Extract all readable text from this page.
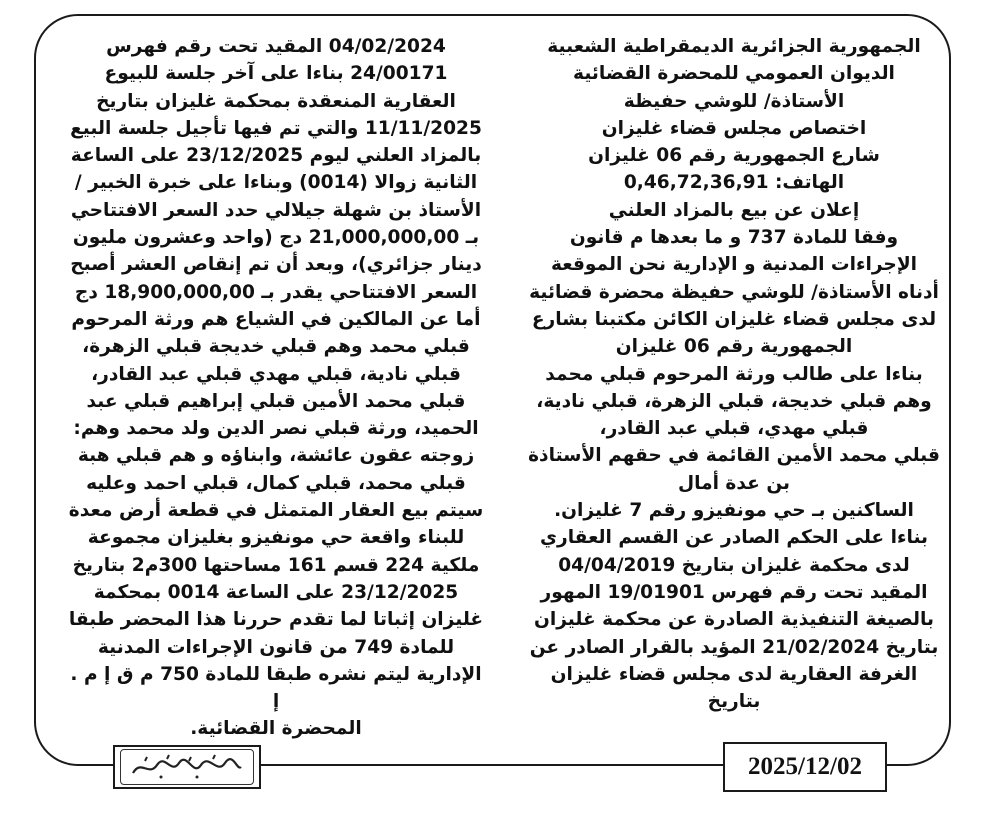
الجمهورية الجزائرية الديمقراطية الشعبية

الديوان العمومي للمحضرة القضائية

الأستاذة/ للوشي حفيظة

اختصاص مجلس قضاء غليزان

شارع الجمهورية رقم 06 غليزان

الهاتف: 0,46,72,36,91

إعلان عن بيع بالمزاد العلني

وفقا للمادة 737 و ما بعدها م قانون الإجراءات المدنية و الإدارية نحن الموقعة أدناه الأستاذة/ للوشي حفيظة محضرة قضائية لدى مجلس قضاء غليزان الكائن مكتبنا بشارع الجمهورية رقم 06 غليزان

بناءا على طالب ورثة المرحوم قبلي محمد وهم قبلي خديجة، قبلي الزهرة، قبلي نادية، قبلي مهدي، قبلي عبد القادر،

قبلي محمد الأمين القائمة في حقهم الأستاذة بن عدة أمال

الساكنين بـ حي مونفيزو رقم 7 غليزان.

بناءا على الحكم الصادر عن القسم العقاري لدى محكمة غليزان بتاريخ 04/04/2019 المقيد تحت رقم فهرس 19/01901 المهور بالصيغة التنفيذية الصادرة عن محكمة غليزان بتاريخ 21/02/2024 المؤيد بالقرار الصادر عن الغرفة العقارية لدى مجلس قضاء غليزان بتاريخ

04/02/2024 المقيد تحت رقم فهرس 24/00171 بناءا على آخر جلسة للبيوع العقارية المنعقدة بمحكمة غليزان بتاريخ 11/11/2025 والتي تم فيها تأجيل جلسة البيع بالمزاد العلني ليوم 23/12/2025 على الساعة الثانية زوالا (0014) وبناءا على خبرة الخبير /الأستاذ بن شهلة جيلالي حدد السعر الافتتاحي بـ 21,000,000,00 دج (واحد وعشرون مليون دينار جزائري)، وبعد أن تم إنقاص العشر أصبح السعر الافتتاحي يقدر بـ 18,900,000,00 دج أما عن المالكين في الشياع هم ورثة المرحوم قبلي محمد وهم قبلي خديجة قبلي الزهرة، قبلي نادية، قبلي مهدي قبلي عبد القادر،

قبلي محمد الأمين قبلي إبراهيم قبلي عبد الحميد، ورثة قبلي نصر الدين ولد محمد وهم: زوجته عقون عائشة، وابناؤه و هم قبلي هبة قبلي محمد، قبلي كمال، قبلي احمد وعليه سيتم بيع العقار المتمثل في قطعة أرض معدة للبناء واقعة حي مونفيزو بغليزان مجموعة ملكية 224 قسم 161 مساحتها 300م2 بتاريخ 23/12/2025 على الساعة 0014 بمحكمة غليزان إثباتا لما تقدم حررنا هذا المحضر طبقا للمادة 749 من قانون الإجراءات المدنية الإدارية ليتم نشره طبقا للمادة 750 م ق إ م . إ

المحضرة القضائية.

2025/12/02
